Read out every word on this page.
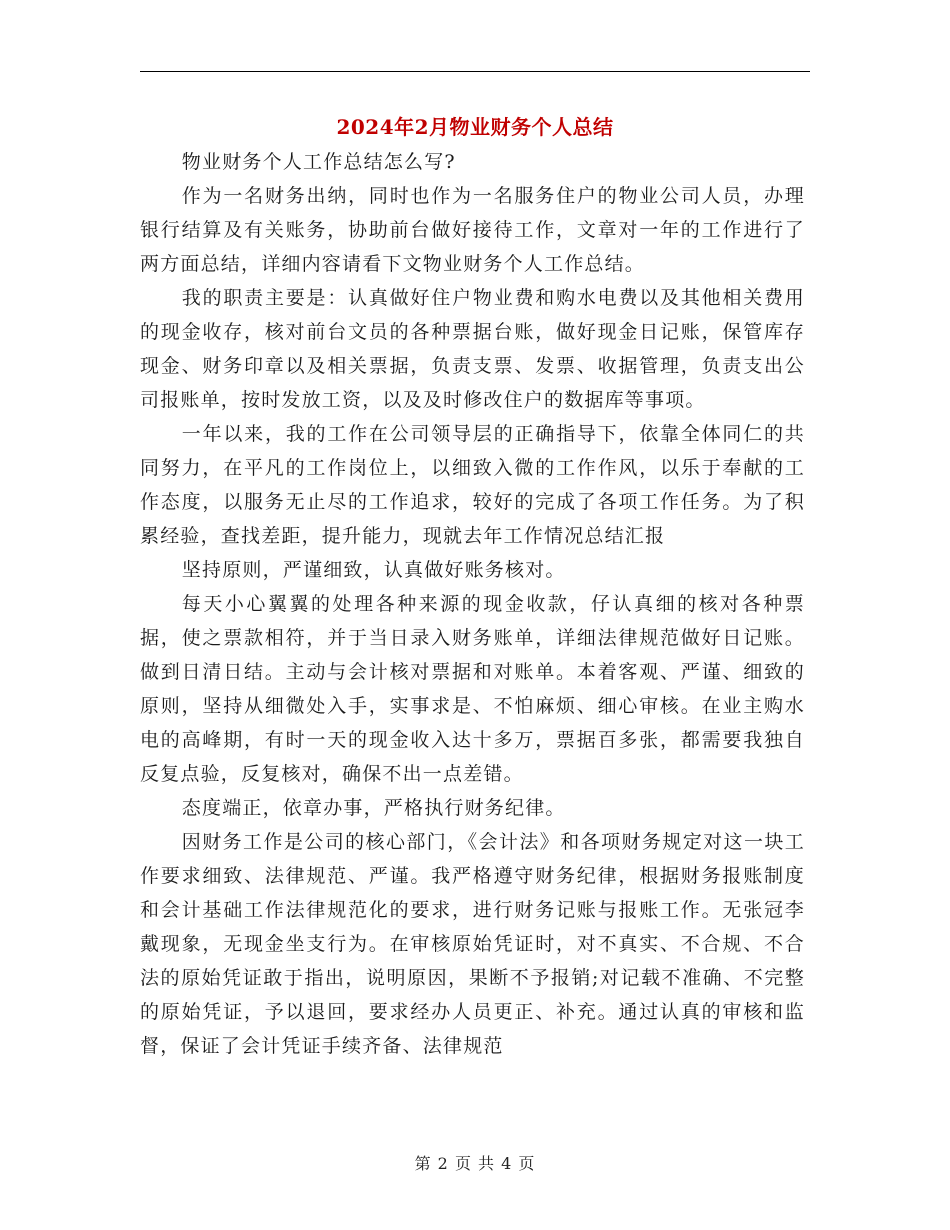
2024年2月物业财务个人总结

物业财务个人工作总结怎么写?

作为一名财务出纳，同时也作为一名服务住户的物业公司人员，办理银行结算及有关账务，协助前台做好接待工作，文章对一年的工作进行了两方面总结，详细内容请看下文物业财务个人工作总结。

我的职责主要是：认真做好住户物业费和购水电费以及其他相关费用的现金收存，核对前台文员的各种票据台账，做好现金日记账，保管库存现金、财务印章以及相关票据，负责支票、发票、收据管理，负责支出公司报账单，按时发放工资，以及及时修改住户的数据库等事项。

一年以来，我的工作在公司领导层的正确指导下，依靠全体同仁的共同努力，在平凡的工作岗位上，以细致入微的工作作风，以乐于奉献的工作态度，以服务无止尽的工作追求，较好的完成了各项工作任务。为了积累经验，查找差距，提升能力，现就去年工作情况总结汇报

坚持原则，严谨细致，认真做好账务核对。

每天小心翼翼的处理各种来源的现金收款，仔认真细的核对各种票据，使之票款相符，并于当日录入财务账单，详细法律规范做好日记账。做到日清日结。主动与会计核对票据和对账单。本着客观、严谨、细致的原则，坚持从细微处入手，实事求是、不怕麻烦、细心审核。在业主购水电的高峰期，有时一天的现金收入达十多万，票据百多张，都需要我独自反复点验，反复核对，确保不出一点差错。

态度端正，依章办事，严格执行财务纪律。

因财务工作是公司的核心部门，《会计法》和各项财务规定对这一块工作要求细致、法律规范、严谨。我严格遵守财务纪律，根据财务报账制度和会计基础工作法律规范化的要求，进行财务记账与报账工作。无张冠李戴现象，无现金坐支行为。在审核原始凭证时，对不真实、不合规、不合法的原始凭证敢于指出，说明原因，果断不予报销;对记载不准确、不完整的原始凭证，予以退回，要求经办人员更正、补充。通过认真的审核和监督，保证了会计凭证手续齐备、法律规范

第 2 页 共 4 页
